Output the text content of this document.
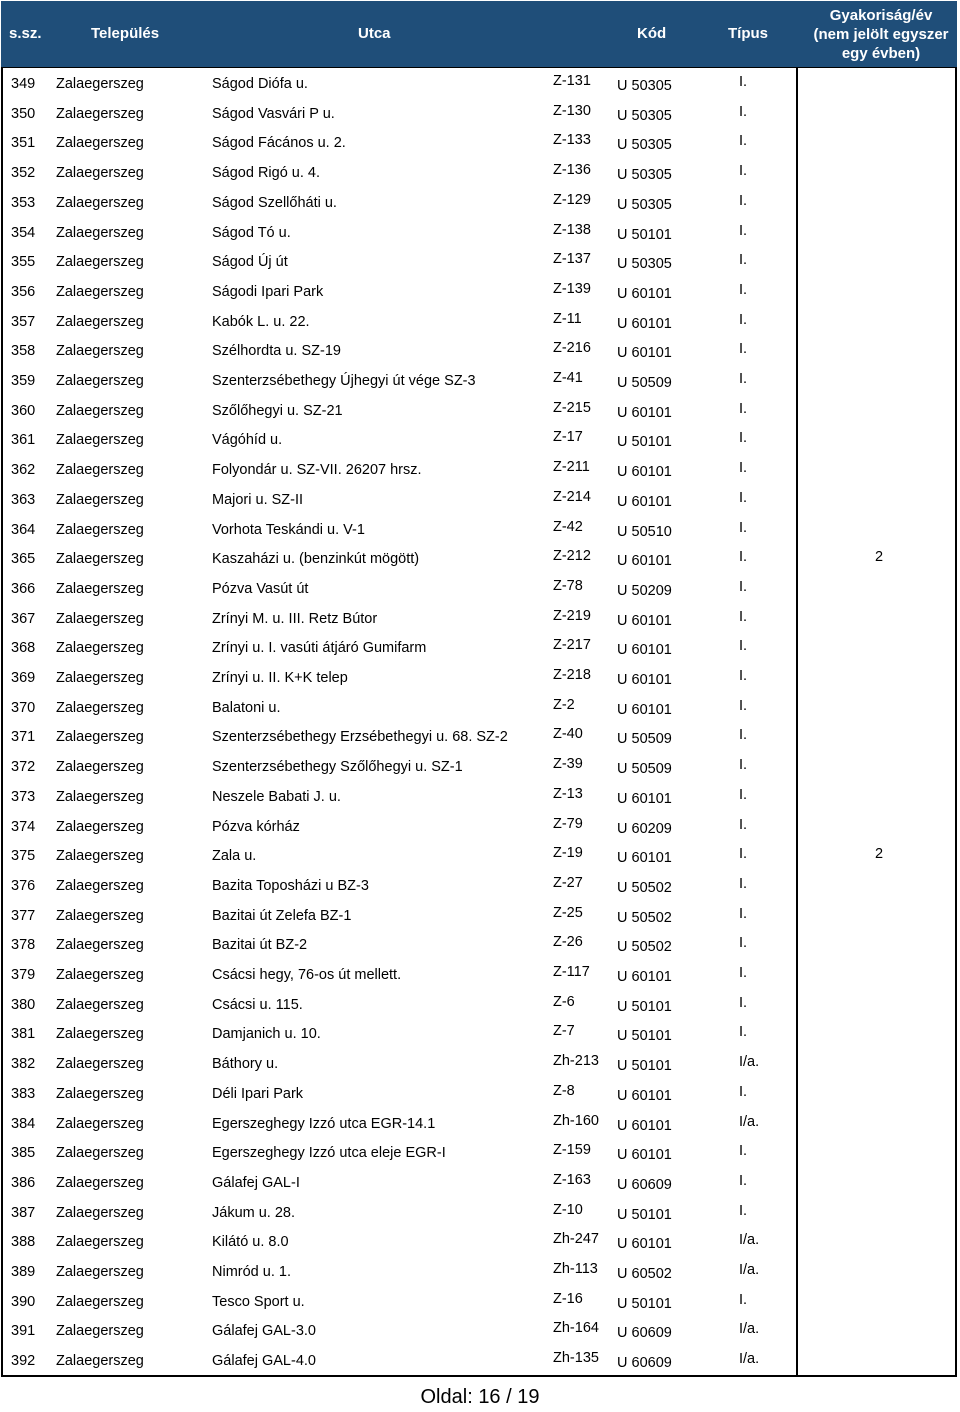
s.sz.	Település	Utca	Kód	Típus
Gyakoriság/év
(nem jelölt egyszer
egy évben)
349 Zalaegerszeg	Ságod Diófa u.	Z-131 U 50305	I.
350 Zalaegerszeg	Ságod Vasvári P u.	Z-130 U 50305	I.
351 Zalaegerszeg	Ságod Fácános u. 2.	Z-133 U 50305	I.
352 Zalaegerszeg	Ságod Rigó u. 4.	Z-136 U 50305	I.
353 Zalaegerszeg	Ságod Szellőháti u.	Z-129 U 50305	I.
354 Zalaegerszeg	Ságod Tó u.	Z-138 U 50101	I.
355 Zalaegerszeg	Ságod Új út	Z-137 U 50305	I.
356 Zalaegerszeg	Ságodi Ipari Park	Z-139 U 60101	I.
357 Zalaegerszeg	Kabók L. u. 22.	Z-11 U 60101	I.
358 Zalaegerszeg	Szélhordta u. SZ-19	Z-216 U 60101	I.
359 Zalaegerszeg	Szenterzsébethegy Újhegyi út vége SZ-3	Z-41 U 50509	I.
360 Zalaegerszeg	Szőlőhegyi u. SZ-21	Z-215 U 60101	I.
361 Zalaegerszeg	Vágóhíd u.	Z-17 U 50101	I.
362 Zalaegerszeg	Folyondár u. SZ-VII. 26207 hrsz.	Z-211 U 60101	I.
363 Zalaegerszeg	Majori u. SZ-II	Z-214 U 60101	I.
364 Zalaegerszeg	Vorhota Teskándi u. V-1	Z-42 U 50510	I.
365 Zalaegerszeg	Kaszaházi u. (benzinkút mögött)	Z-212 U 60101	I.	2
366 Zalaegerszeg	Pózva Vasút út	Z-78 U 50209	I.
367 Zalaegerszeg	Zrínyi M. u. III. Retz Bútor	Z-219 U 60101	I.
368 Zalaegerszeg	Zrínyi u. I. vasúti átjáró Gumifarm	Z-217 U 60101	I.
369 Zalaegerszeg	Zrínyi u. II. K+K telep	Z-218 U 60101	I.
370 Zalaegerszeg	Balatoni u.	Z-2	U 60101	I.
371 Zalaegerszeg	Szenterzsébethegy Erzsébethegyi u. 68. SZ-2	Z-40 U 50509	I.
372 Zalaegerszeg	Szenterzsébethegy Szőlőhegyi u. SZ-1	Z-39 U 50509	I.
373 Zalaegerszeg	Neszele Babati J. u.	Z-13 U 60101	I.
374 Zalaegerszeg	Pózva kórház	Z-79 U 60209	I.
375 Zalaegerszeg	Zala u.	Z-19 U 60101	I.	2
376 Zalaegerszeg	Bazita Toposházi u BZ-3	Z-27 U 50502	I.
377 Zalaegerszeg	Bazitai út Zelefa BZ-1	Z-25 U 50502	I.
378 Zalaegerszeg	Bazitai út BZ-2	Z-26 U 50502	I.
379 Zalaegerszeg	Csácsi hegy, 76-os út mellett.	Z-117 U 60101	I.
380 Zalaegerszeg	Csácsi u. 115.	Z-6	U 50101	I.
381 Zalaegerszeg	Damjanich u. 10.	Z-7	U 50101	I.
382 Zalaegerszeg	Báthory u.	Zh-213 U 50101	I/a.
383 Zalaegerszeg	Déli Ipari Park	Z-8	U 60101	I.
384 Zalaegerszeg	Egerszeghegy Izzó utca EGR-14.1	Zh-160 U 60101	I/a.
385 Zalaegerszeg	Egerszeghegy Izzó utca eleje EGR-I	Z-159 U 60101	I.
386 Zalaegerszeg	Gálafej GAL-I	Z-163 U 60609	I.
387 Zalaegerszeg	Jákum u. 28.	Z-10 U 50101	I.
388 Zalaegerszeg	Kilátó u. 8.0	Zh-247 U 60101	I/a.
389 Zalaegerszeg	Nimród u. 1.	Zh-113 U 60502	I/a.
390 Zalaegerszeg	Tesco Sport u.	Z-16 U 50101	I.
391 Zalaegerszeg	Gálafej GAL-3.0	Zh-164 U 60609	I/a.
392 Zalaegerszeg	Gálafej GAL-4.0	Zh-135 U 60609	I/a.
Oldal: 16 / 19
